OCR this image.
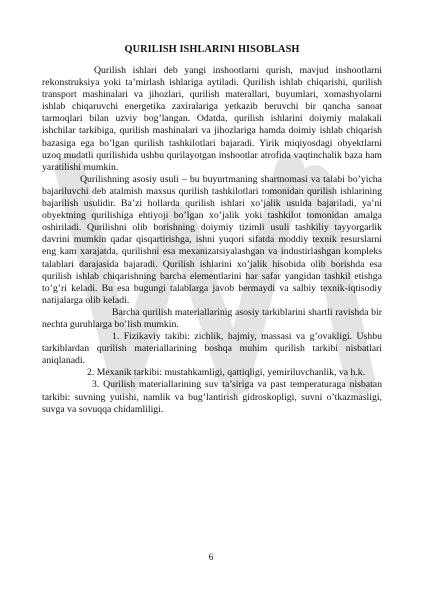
QURILISH ISHLARINI HISOBLASH

Qurilish ishlari deb yangi inshootlarni qurish, mavjud inshootlarni rekonstruksiya yoki ta’mirlash ishlariga aytiladi. Qurilish ishlab chiqarishi, qurilish transport mashinalari va jihozlari, qurilish materallari, buyumlari, xomashyolarni ishlab chiqaruvchi energetika zaxiralariga yetkazib beruvchi bir qancha sanoat tarmoqlari bilan uzviy bog’langan. Odatda, qurilish ishlarini doiymiy malakali ishchilar tarkibiga, qurilish mashinalari va jihozlariga hamda doimiy ishlab chiqarish bazasiga ega bo’lgan qurilish tashkilotlari bajaradi. Yirik miqiyosdagi obyektlarni uzoq mudatli qurilishida ushbu qurilayotgan inshootlar atrofida vaqtinchalik baza ham yaratilishi mumkin.

Qurilishning asosiy usuli – bu buyurtmaning shartnomasi va talabi bo’yicha bajariluvchi deb atalmish maxsus qurilish tashkilotlari tomonidan qurilish ishlarining bajarilish usulidir. Ba’zi hollarda qurilish ishlari xo’jalik usulda bajariladi, ya’ni obyektning qurilishiga ehtiyoji bo’lgan xo’jalik yoki tashkilot tomonidan amalga oshiriladi. Qurilishni olib borishning doiymiy tizimli usuli tashkiliy tayyorgarlik davrini mumkin qadar qisqartirishga, ishni yuqori sifatda moddiy texnik resurslarni eng kam xarajatda, qurilishni esa mexanizatsiyalashgan va industirlashgan kompleks talablari darajasida bajaradi. Qurilish ishlarini xo’jalik hisobida olib borishda esa qurilish ishlab chiqarishning barcha elementlarini har safar yangidan tashkil etishga to’g’ri keladi. Bu esa bugungi talablarga javob bermaydi va salbiy texnik-iqtisodiy natijalarga olib keladi.

Barcha qurilish materiallarinig asosiy tarkiblarini shartli ravishda bir nechta guruhlarga bo’lish mumkin.

1. Fizikaviy takibi: zichlik, hajmiy, massasi va g’ovakligi. Ushbu tarkiblardan qurilish materiallarining boshqa muhim qurilish tarkibi nisbatlari aniqlanadi.

2. Mexanik tarkibi: mustahkamligi, qattiqligi, yemiriluvchanlik, va h.k.

3. Qurilish materiallarining suv ta’siriga va past temperaturaga nisbatan tarkibi: suvning yutishi, namlik va bug’lantirish gidroskopligi, suvni o’tkazmasligi, suvga va sovuqqa chidamliligi.

6
